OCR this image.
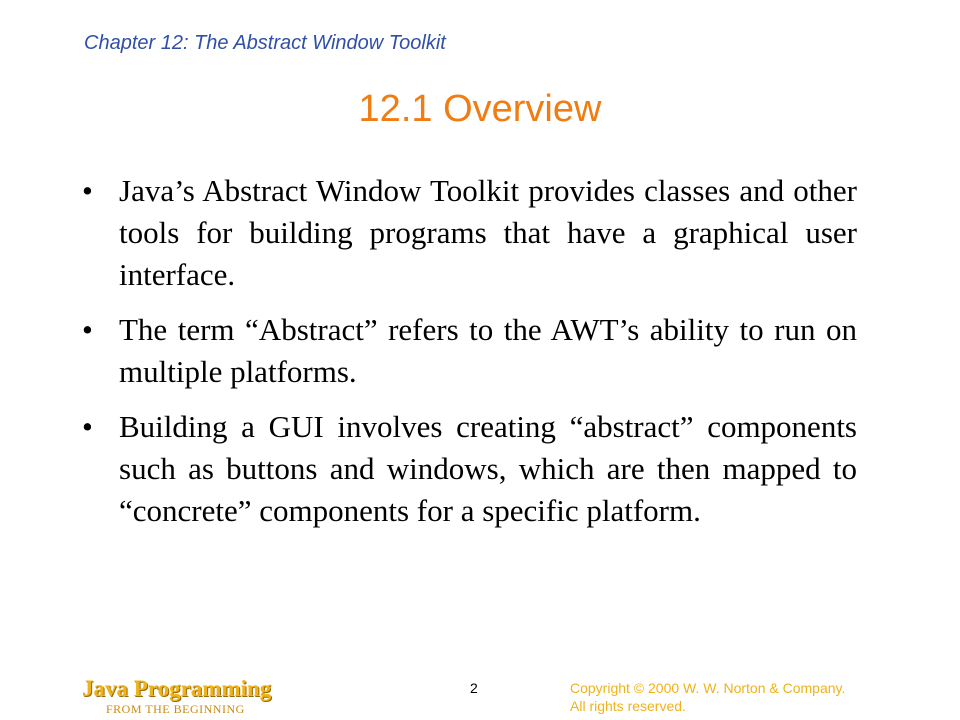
Chapter 12: The Abstract Window Toolkit
12.1 Overview
• Java’s Abstract Window Toolkit provides classes and other tools for building programs that have a graphical user interface.
• The term “Abstract” refers to the AWT’s ability to run on multiple platforms.
• Building a GUI involves creating “abstract” components such as buttons and windows, which are then mapped to “concrete” components for a specific platform.
Java Programming
FROM THE BEGINNING
2	Copyright © 2000 W. W. Norton & Company.
All rights reserved.
